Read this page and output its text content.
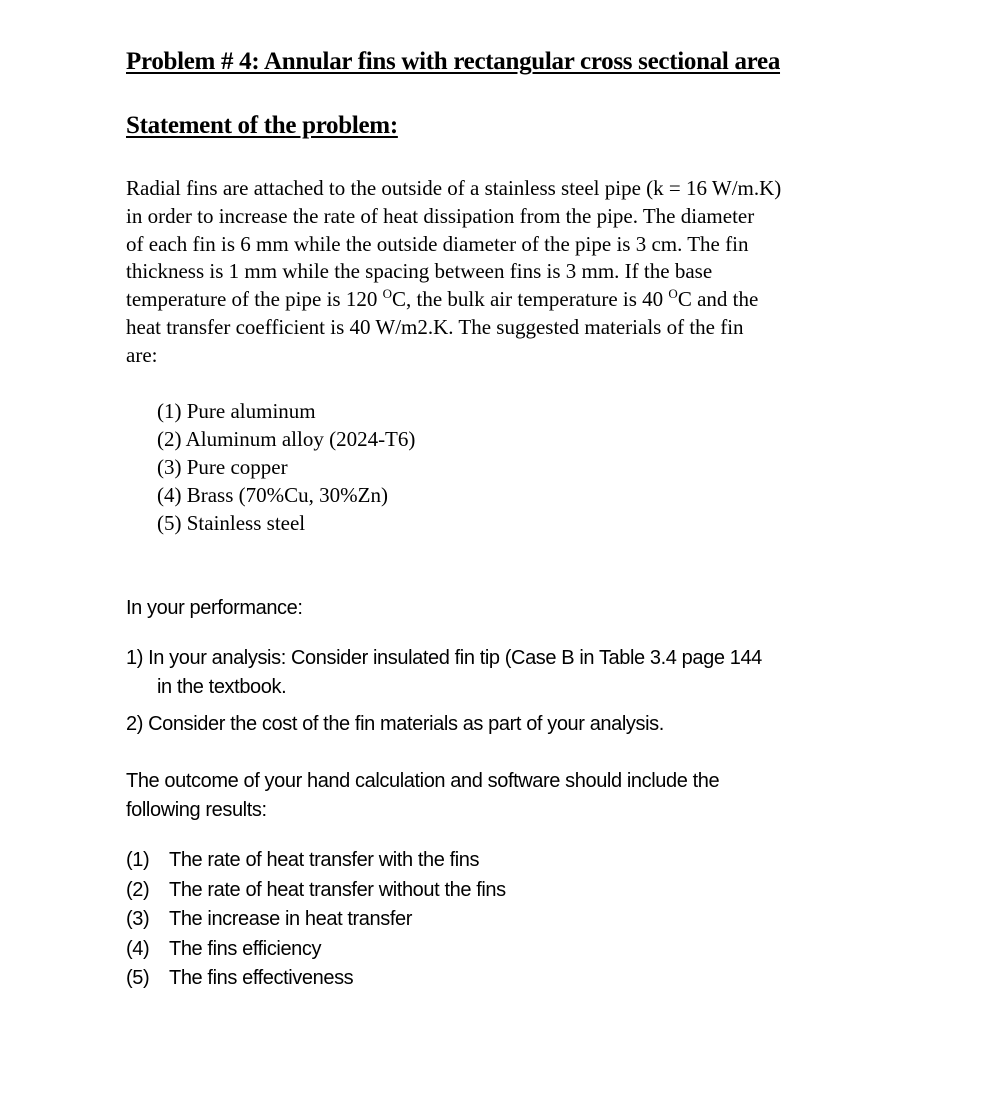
Problem # 4: Annular fins with rectangular cross sectional area
Statement of the problem:

Radial fins are attached to the outside of a stainless steel pipe (k = 16 W/m.K)
in order to increase the rate of heat dissipation from the pipe. The diameter
of each fin is 6 mm while the outside diameter of the pipe is 3 cm. The fin
thickness is 1 mm while the spacing between fins is 3 mm. If the base
temperature of the pipe is 120 $^O$C, the bulk air temperature is 40 $^O$C and the
heat transfer coefficient is 40 W/m2.K. The suggested materials of the fin
are:

(1) Pure aluminum
(2) Aluminum alloy (2024-T6)
(3) Pure copper
(4) Brass (70%Cu, 30%Zn)
(5) Stainless steel

In your performance:

1) In your analysis: Consider insulated fin tip (Case B in Table 3.4 page 144
in the textbook.

2) Consider the cost of the fin materials as part of your analysis.

The outcome of your hand calculation and software should include the
following results:

(1) The rate of heat transfer with the fins
(2) The rate of heat transfer without the fins
(3) The increase in heat transfer
(4) The fins efficiency
(5) The fins effectiveness
